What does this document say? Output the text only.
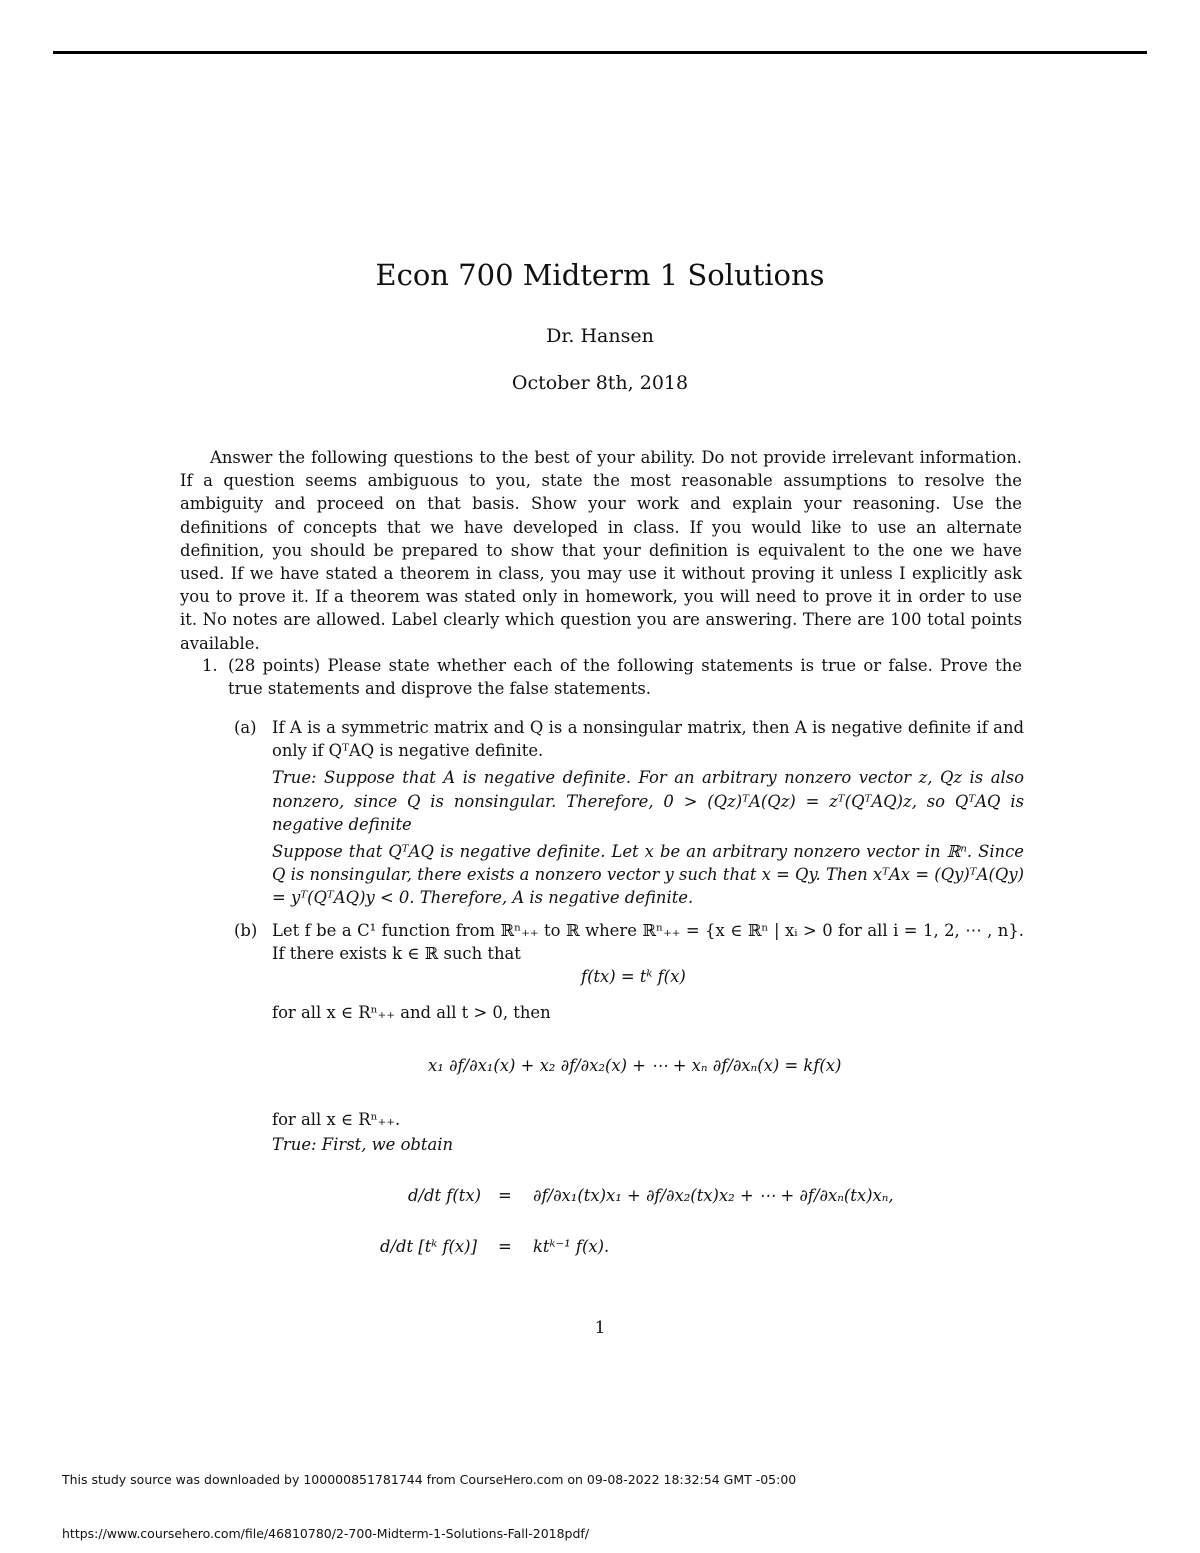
Econ 700 Midterm 1 Solutions
Dr. Hansen
October 8th, 2018

Answer the following questions to the best of your ability. Do not provide irrelevant information. If a question seems ambiguous to you, state the most reasonable assumptions to resolve the ambiguity and proceed on that basis. Show your work and explain your reasoning. Use the definitions of concepts that we have developed in class. If you would like to use an alternate definition, you should be prepared to show that your definition is equivalent to the one we have used. If we have stated a theorem in class, you may use it without proving it unless I explicitly ask you to prove it. If a theorem was stated only in homework, you will need to prove it in order to use it. No notes are allowed. Label clearly which question you are answering. There are 100 total points available.

1. (28 points) Please state whether each of the following statements is true or false. Prove the true statements and disprove the false statements.
(a) If A is a symmetric matrix and Q is a nonsingular matrix, then A is negative definite if and only if QᵀAQ is negative definite.

True: Suppose that A is negative definite. For an arbitrary nonzero vector z, Qz is also nonzero, since Q is nonsingular. Therefore, 0 > (Qz)ᵀA(Qz) = zᵀ(QᵀAQ)z, so QᵀAQ is negative definite

Suppose that QᵀAQ is negative definite. Let x be an arbitrary nonzero vector in ℝⁿ. Since Q is nonsingular, there exists a nonzero vector y such that x = Qy. Then xᵀAx = (Qy)ᵀA(Qy) = yᵀ(QᵀAQ)y < 0. Therefore, A is negative definite.

(b) Let f be a C¹ function from ℝⁿ₊₊ to ℝ where ℝⁿ₊₊ = {x ∈ ℝⁿ | xᵢ > 0 for all i = 1, 2, ⋯ , n}. If there exists k ∈ ℝ such that

f(tx) = tᵏ f(x)
for all x ∈ Rⁿ₊₊ and all t > 0, then
x₁ ∂f/∂x₁(x) + x₂ ∂f/∂x₂(x) + ⋯ + xₙ ∂f/∂xₙ(x) = kf(x)
for all x ∈ Rⁿ₊₊.
True: First, we obtain
d/dt f(tx) = ∂f/∂x₁(tx)x₁ + ∂f/∂x₂(tx)x₂ + ⋯ + ∂f/∂xₙ(tx)xₙ,
d/dt [tᵏ f(x)] = ktᵏ⁻¹ f(x).
1
This study source was downloaded by 100000851781744 from CourseHero.com on 09-08-2022 18:32:54 GMT -05:00
https://www.coursehero.com/file/46810780/2-700-Midterm-1-Solutions-Fall-2018pdf/
